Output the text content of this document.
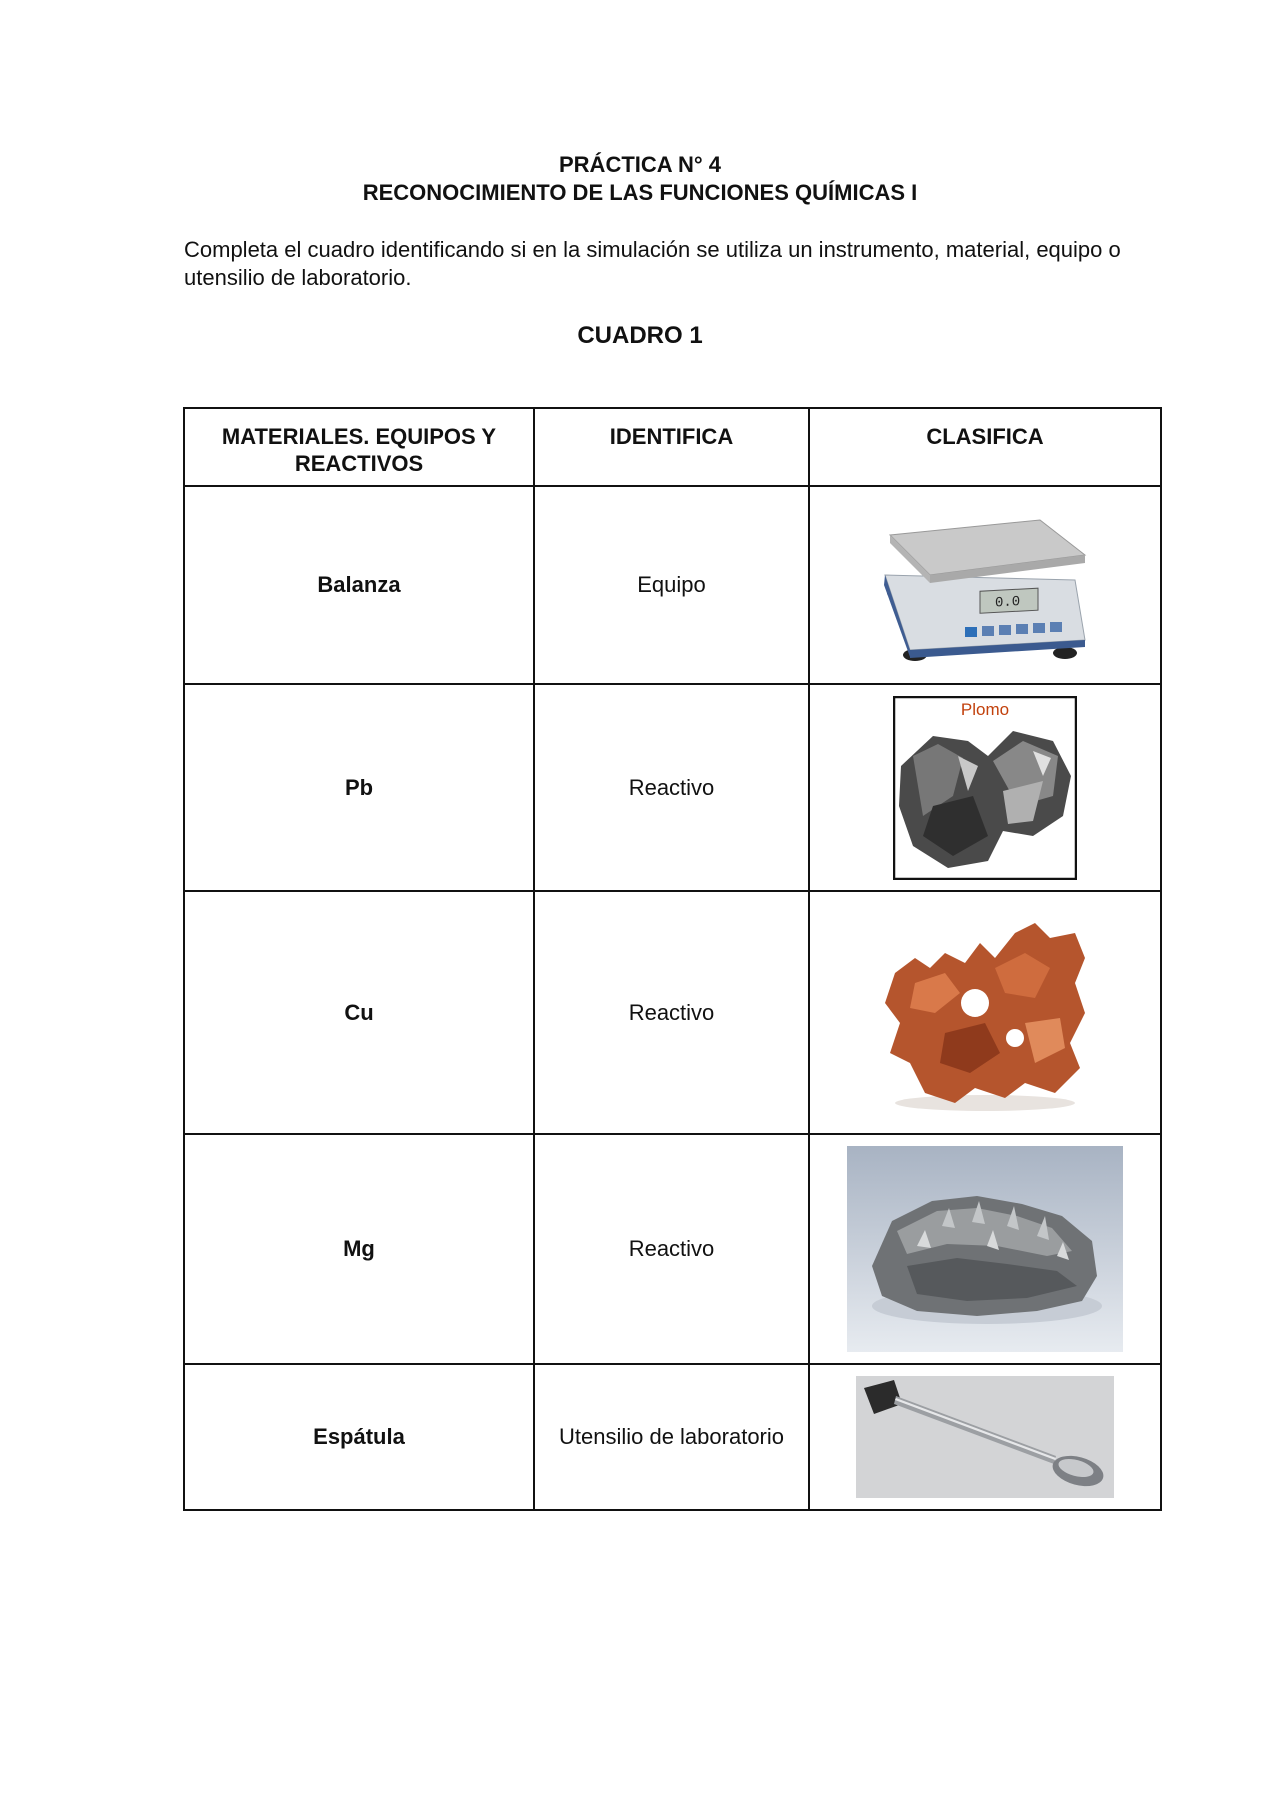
PRÁCTICA N° 4
RECONOCIMIENTO DE LAS FUNCIONES QUÍMICAS I
Completa el cuadro identificando si en la simulación se utiliza un instrumento, material, equipo o utensilio de laboratorio.
CUADRO 1
MATERIALES. EQUIPOS Y REACTIVOS	IDENTIFICA	CLASIFICA
Balanza	Equipo	0.0

Pb	Reactivo	Plomo

Cu	Reactivo	

Mg	Reactivo	

Espátula	Utensilio de laboratorio	
